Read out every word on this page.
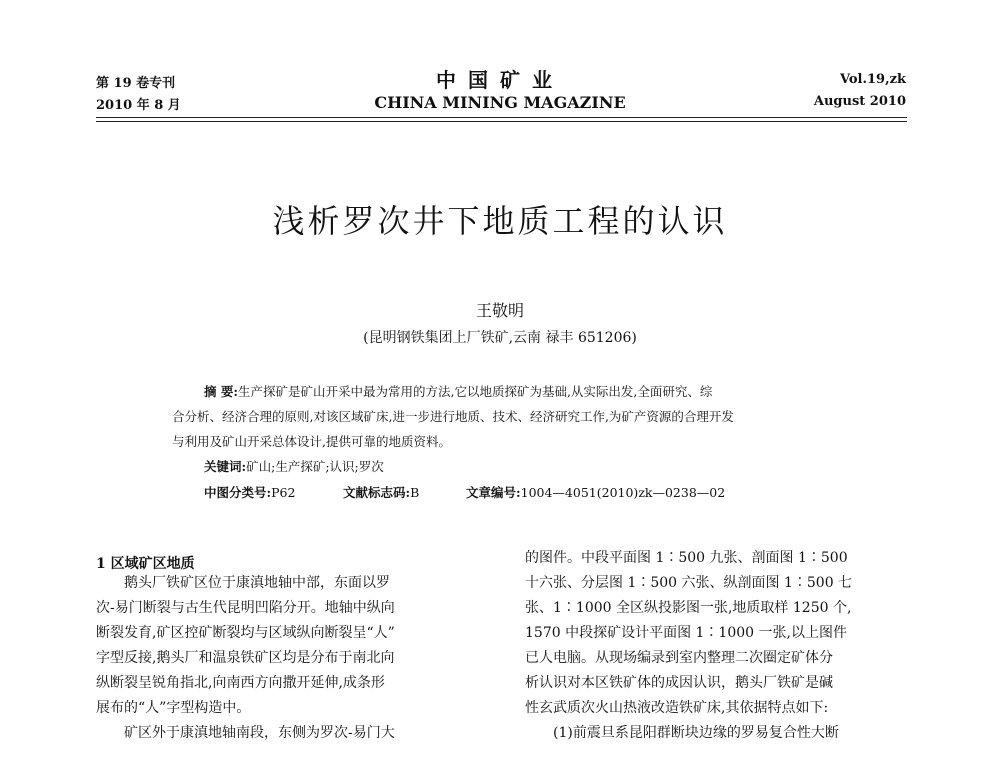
第 19 卷专刊
2010 年 8 月
中国矿业
CHINA MINING MAGAZINE
Vol.19,zk
August 2010
浅析罗次井下地质工程的认识
王敬明
(昆明钢铁集团上厂铁矿,云南 禄丰 651206)
摘 要:生产探矿是矿山开采中最为常用的方法,它以地质探矿为基础,从实际出发,全面研究、综
合分析、经济合理的原则,对该区域矿床,进一步进行地质、技术、经济研究工作,为矿产资源的合理开发
与利用及矿山开采总体设计,提供可靠的地质资料。
关键词:矿山;生产探矿;认识;罗次
中图分类号:P62	文献标志码:B	文章编号:1004—4051(2010)zk—0238—02
1 区域矿区地质
　　鹅头厂铁矿区位于康滇地轴中部，东面以罗
次-易门断裂与古生代昆明凹陷分开。地轴中纵向
断裂发育,矿区控矿断裂均与区域纵向断裂呈“人”
字型反接,鹅头厂和温泉铁矿区均是分布于南北向
纵断裂呈锐角指北,向南西方向撒开延伸,成条形
展布的“人”字型构造中。
　　矿区外于康滇地轴南段，东侧为罗次-易门大
的图件。中段平面图 1∶500 九张、剖面图 1∶500
十六张、分层图 1∶500 六张、纵剖面图 1∶500 七
张、1∶1000 全区纵投影图一张,地质取样 1250 个,
1570 中段探矿设计平面图 1∶1000 一张,以上图件
已人电脑。从现场编录到室内整理二次圈定矿体分
析认识对本区铁矿体的成因认识，鹅头厂铁矿是碱
性玄武质次火山热液改造铁矿床,其依据特点如下:
　　(1)前震旦系昆阳群断块边缘的罗易复合性大断
